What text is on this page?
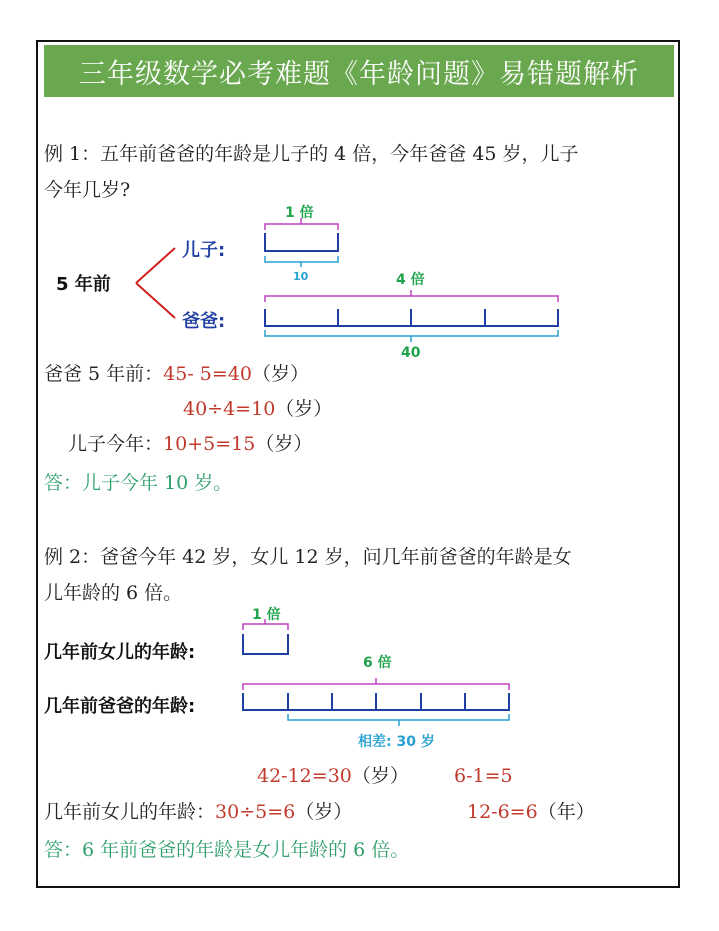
三年级数学必考难题《年龄问题》易错题解析
例 1：五年前爸爸的年龄是儿子的 4 倍，今年爸爸 45 岁，儿子
今年几岁?
5 年前
儿子:
爸爸:
1 倍
10	4 倍
40
爸爸 5 年前：45- 5=40（岁）
40÷4=10（岁）
儿子今年：10+5=15（岁）
答：儿子今年 10 岁。
例 2：爸爸今年 42 岁，女儿 12 岁，问几年前爸爸的年龄是女
儿年龄的 6 倍。
几年前女儿的年龄:
几年前爸爸的年龄:
1 倍
6 倍
相差: 30 岁
42-12=30（岁） 6-1=5
几年前女儿的年龄：30÷5=6（岁）	12-6=6（年）
答：6 年前爸爸的年龄是女儿年龄的 6 倍。
